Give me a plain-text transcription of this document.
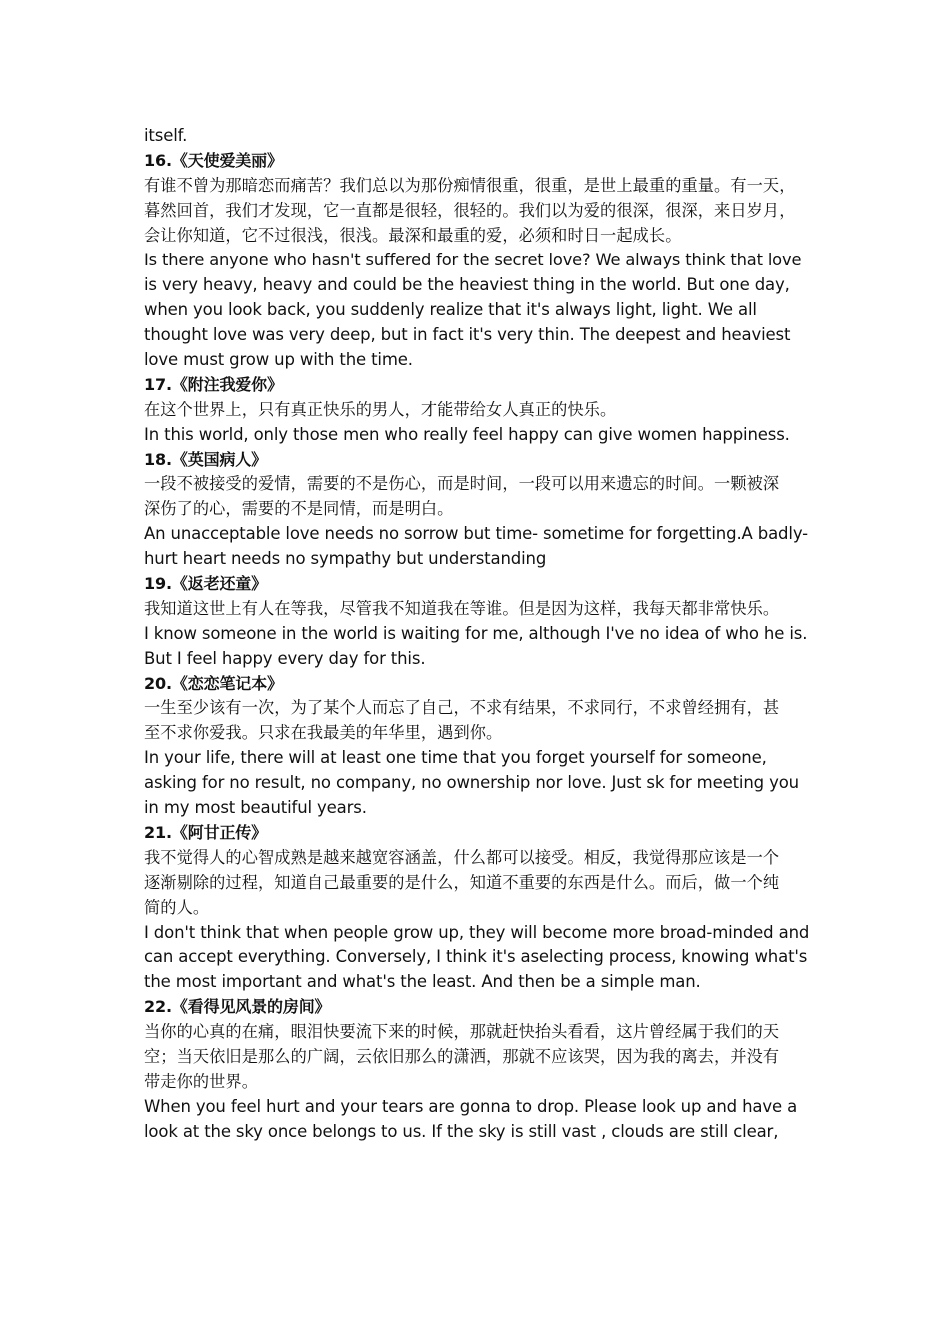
itself.
16.《天使爱美丽》
有谁不曾为那暗恋而痛苦？我们总以为那份痴情很重，很重，是世上最重的重量。有一天，
暮然回首，我们才发现，它一直都是很轻，很轻的。我们以为爱的很深，很深，来日岁月，
会让你知道，它不过很浅，很浅。最深和最重的爱，必须和时日一起成长。
Is there anyone who hasn't suffered for the secret love? We always think that love
is very heavy, heavy and could be the heaviest thing in the world. But one day,
when you look back, you suddenly realize that it's always light, light. We all
thought love was very deep, but in fact it's very thin. The deepest and heaviest
love must grow up with the time.
17.《附注我爱你》
在这个世界上，只有真正快乐的男人，才能带给女人真正的快乐。
In this world, only those men who really feel happy can give women happiness.
18.《英国病人》
一段不被接受的爱情，需要的不是伤心，而是时间，一段可以用来遗忘的时间。一颗被深
深伤了的心，需要的不是同情，而是明白。
An unacceptable love needs no sorrow but time- sometime for forgetting.A badly-
hurt heart needs no sympathy but understanding
19.《返老还童》
我知道这世上有人在等我，尽管我不知道我在等谁。但是因为这样，我每天都非常快乐。
I know someone in the world is waiting for me, although I've no idea of who he is.
But I feel happy every day for this.
20.《恋恋笔记本》
一生至少该有一次，为了某个人而忘了自己，不求有结果，不求同行，不求曾经拥有，甚
至不求你爱我。只求在我最美的年华里，遇到你。
In your life, there will at least one time that you forget yourself for someone,
asking for no result, no company, no ownership nor love. Just sk for meeting you
in my most beautiful years.
21.《阿甘正传》
我不觉得人的心智成熟是越来越宽容涵盖，什么都可以接受。相反，我觉得那应该是一个
逐渐剔除的过程，知道自己最重要的是什么，知道不重要的东西是什么。而后，做一个纯
简的人。
I don't think that when people grow up, they will become more broad-minded and
can accept everything. Conversely, I think it's aselecting process, knowing what's
the most important and what's the least. And then be a simple man.
22.《看得见风景的房间》
当你的心真的在痛，眼泪快要流下来的时候，那就赶快抬头看看，这片曾经属于我们的天
空；当天依旧是那么的广阔，云依旧那么的潇洒，那就不应该哭，因为我的离去，并没有
带走你的世界。
When you feel hurt and your tears are gonna to drop. Please look up and have a
look at the sky once belongs to us. If the sky is still vast , clouds are still clear,
